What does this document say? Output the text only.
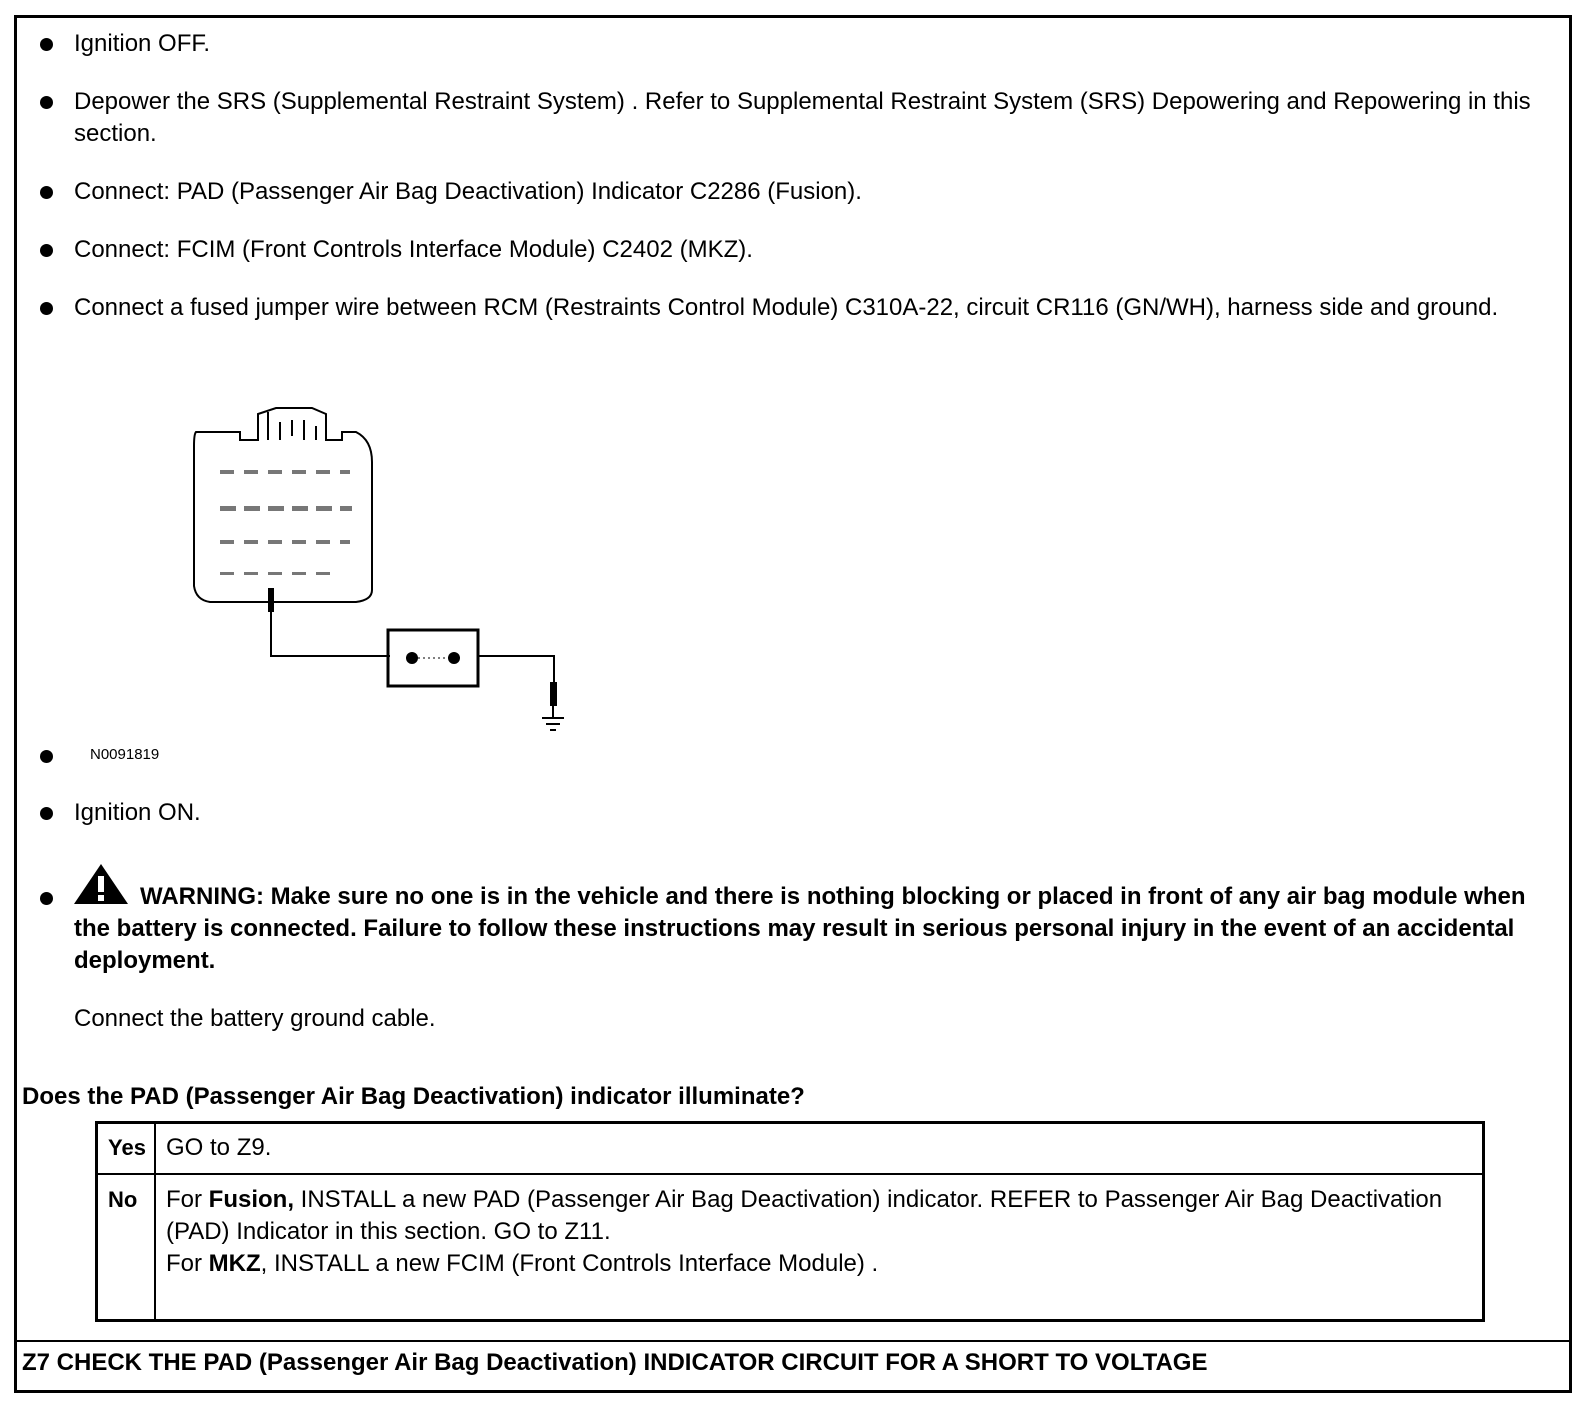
Ignition OFF.
Depower the SRS (Supplemental Restraint System) . Refer to Supplemental Restraint System (SRS) Depowering and Repowering in this section.
Connect: PAD (Passenger Air Bag Deactivation) Indicator C2286 (Fusion).
Connect: FCIM (Front Controls Interface Module) C2402 (MKZ).
Connect a fused jumper wire between RCM (Restraints Control Module) C310A-22, circuit CR116 (GN/WH), harness side and ground.
N0091819
Ignition ON.
WARNING: Make sure no one is in the vehicle and there is nothing blocking or placed in front of any air bag module when the battery is connected. Failure to follow these instructions may result in serious personal injury in the event of an accidental deployment.
Connect the battery ground cable.
Does the PAD (Passenger Air Bag Deactivation) indicator illuminate?
Yes GO to Z9.
No For Fusion, INSTALL a new PAD (Passenger Air Bag Deactivation) indicator. REFER to Passenger Air Bag Deactivation (PAD) Indicator in this section. GO to Z11.
For MKZ, INSTALL a new FCIM (Front Controls Interface Module) .
Z7 CHECK THE PAD (Passenger Air Bag Deactivation) INDICATOR CIRCUIT FOR A SHORT TO VOLTAGE
